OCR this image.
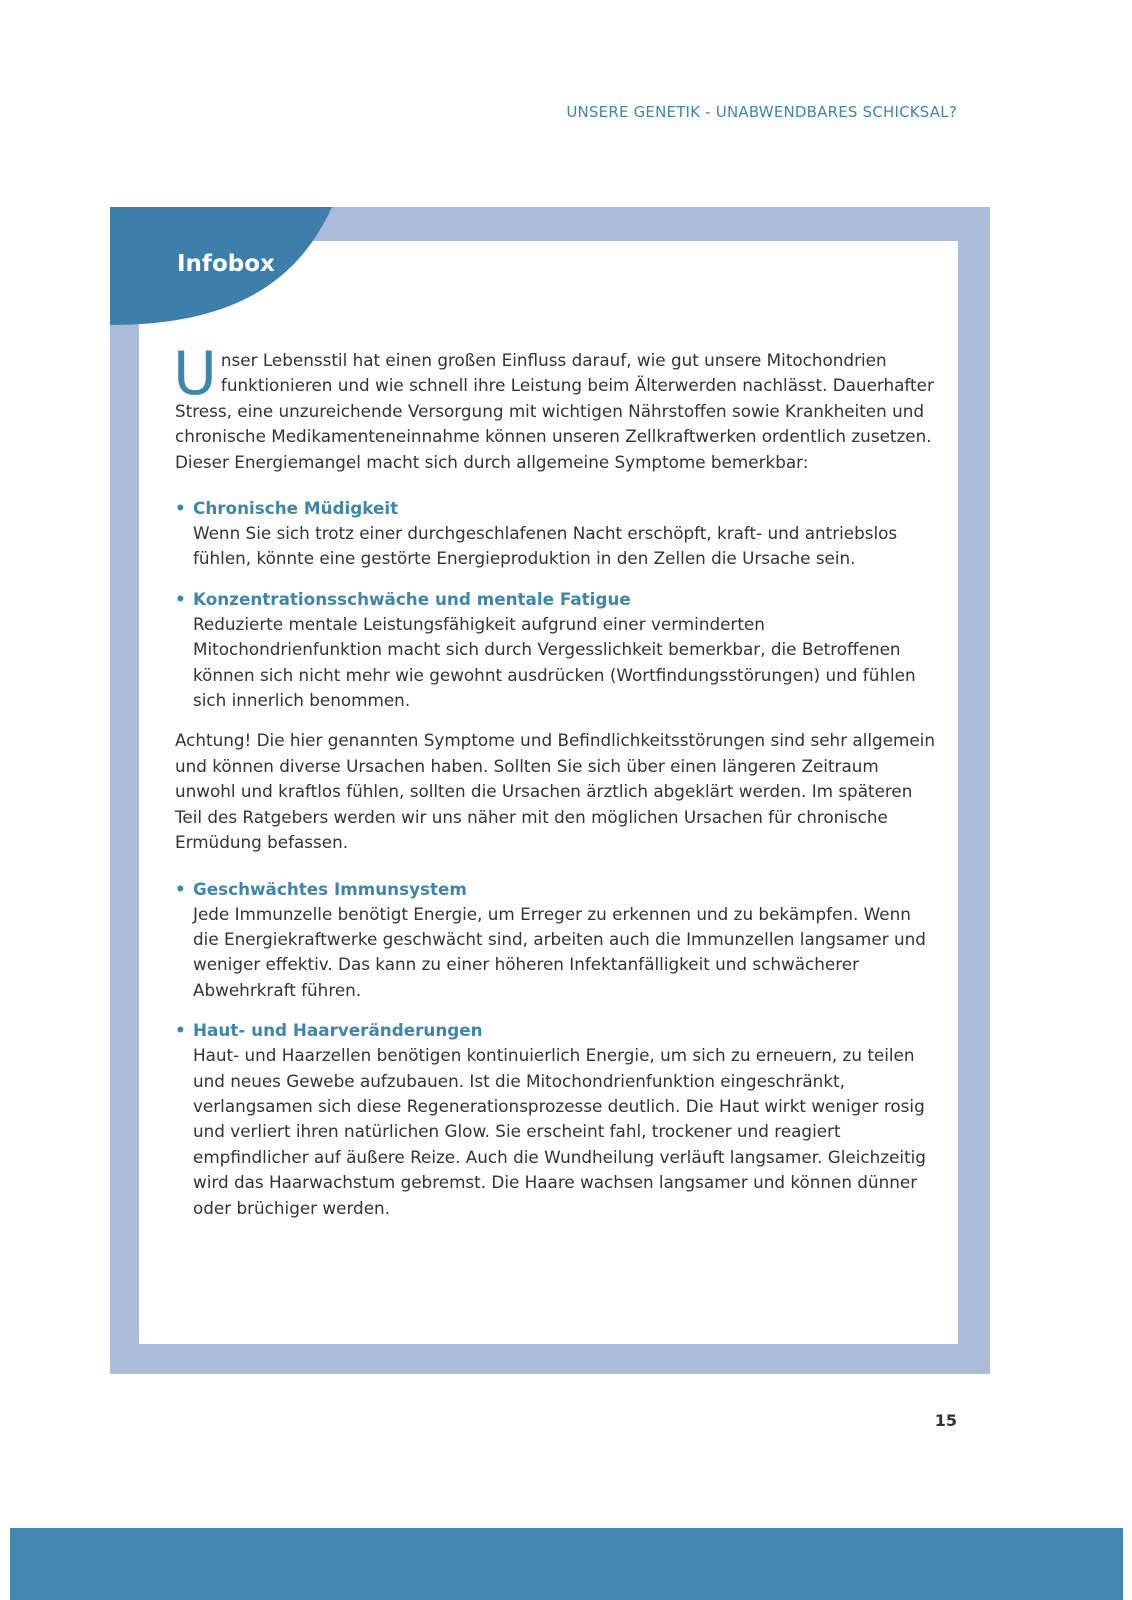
UNSERE GENETIK - UNABWENDBARES SCHICKSAL?
Infobox

Unser Lebensstil hat einen großen Einfluss darauf, wie gut unsere Mitochondrien funktionieren und wie schnell ihre Leistung beim Älterwerden nachlässt. Dauerhafter Stress, eine unzureichende Versorgung mit wichtigen Nährstoffen sowie Krankheiten und chronische Medikamenteneinnahme können unseren Zellkraftwerken ordentlich zusetzen. Dieser Energiemangel macht sich durch allgemeine Symptome bemerkbar:

• Chronische Müdigkeit
Wenn Sie sich trotz einer durchgeschlafenen Nacht erschöpft, kraft- und antriebslos fühlen, könnte eine gestörte Energieproduktion in den Zellen die Ursache sein.
• Konzentrationsschwäche und mentale Fatigue
Reduzierte mentale Leistungsfähigkeit aufgrund einer verminderten Mitochondrienfunktion macht sich durch Vergesslichkeit bemerkbar, die Betroffenen können sich nicht mehr wie gewohnt ausdrücken (Wortfindungsstörungen) und fühlen sich innerlich benommen.

Achtung! Die hier genannten Symptome und Befindlichkeitsstörungen sind sehr allgemein und können diverse Ursachen haben. Sollten Sie sich über einen längeren Zeitraum unwohl und kraftlos fühlen, sollten die Ursachen ärztlich abgeklärt werden. Im späteren Teil des Ratgebers werden wir uns näher mit den möglichen Ursachen für chronische Ermüdung befassen.

• Geschwächtes Immunsystem
Jede Immunzelle benötigt Energie, um Erreger zu erkennen und zu bekämpfen. Wenn die Energiekraftwerke geschwächt sind, arbeiten auch die Immunzellen langsamer und weniger effektiv. Das kann zu einer höheren Infektanfälligkeit und schwächerer Abwehrkraft führen.
• Haut- und Haarveränderungen
Haut- und Haarzellen benötigen kontinuierlich Energie, um sich zu erneuern, zu teilen und neues Gewebe aufzubauen. Ist die Mitochondrienfunktion eingeschränkt, verlangsamen sich diese Regenerationsprozesse deutlich. Die Haut wirkt weniger rosig und verliert ihren natürlichen Glow. Sie erscheint fahl, trockener und reagiert empfindlicher auf äußere Reize. Auch die Wundheilung verläuft langsamer. Gleichzeitig wird das Haarwachstum gebremst. Die Haare wachsen langsamer und können dünner oder brüchiger werden.
15
